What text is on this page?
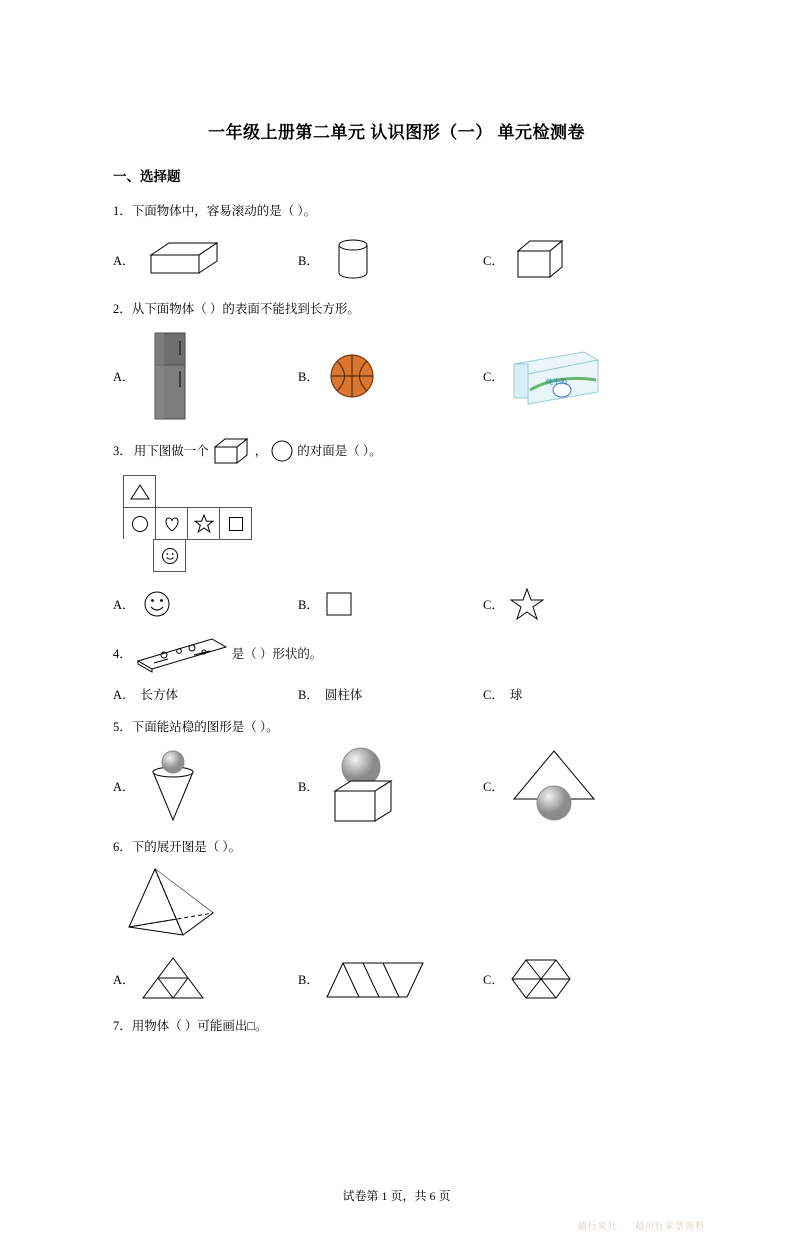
一年级上册第二单元 认识图形（一） 单元检测卷
一、选择题
1．下面物体中，容易滚动的是（ ）。
A．	B．	C．
2．从下面物体（ ）的表面不能找到长方形。
A．	B．	C．	纯牛奶
3． 用下图做一个	， 的对面是（ ）。
A．	B．	C．
4．	是（ ）形状的。
A． 长方体	B． 圆柱体	C． 球
5．下面能站稳的图形是（ ）。
A．	B．	C．
6．下的展开图是（ ）。
A．	B．	C．
7．用物体（ ）可能画出□。
试卷第 1 页，共 6 页
超行家社 超川行家票资料
